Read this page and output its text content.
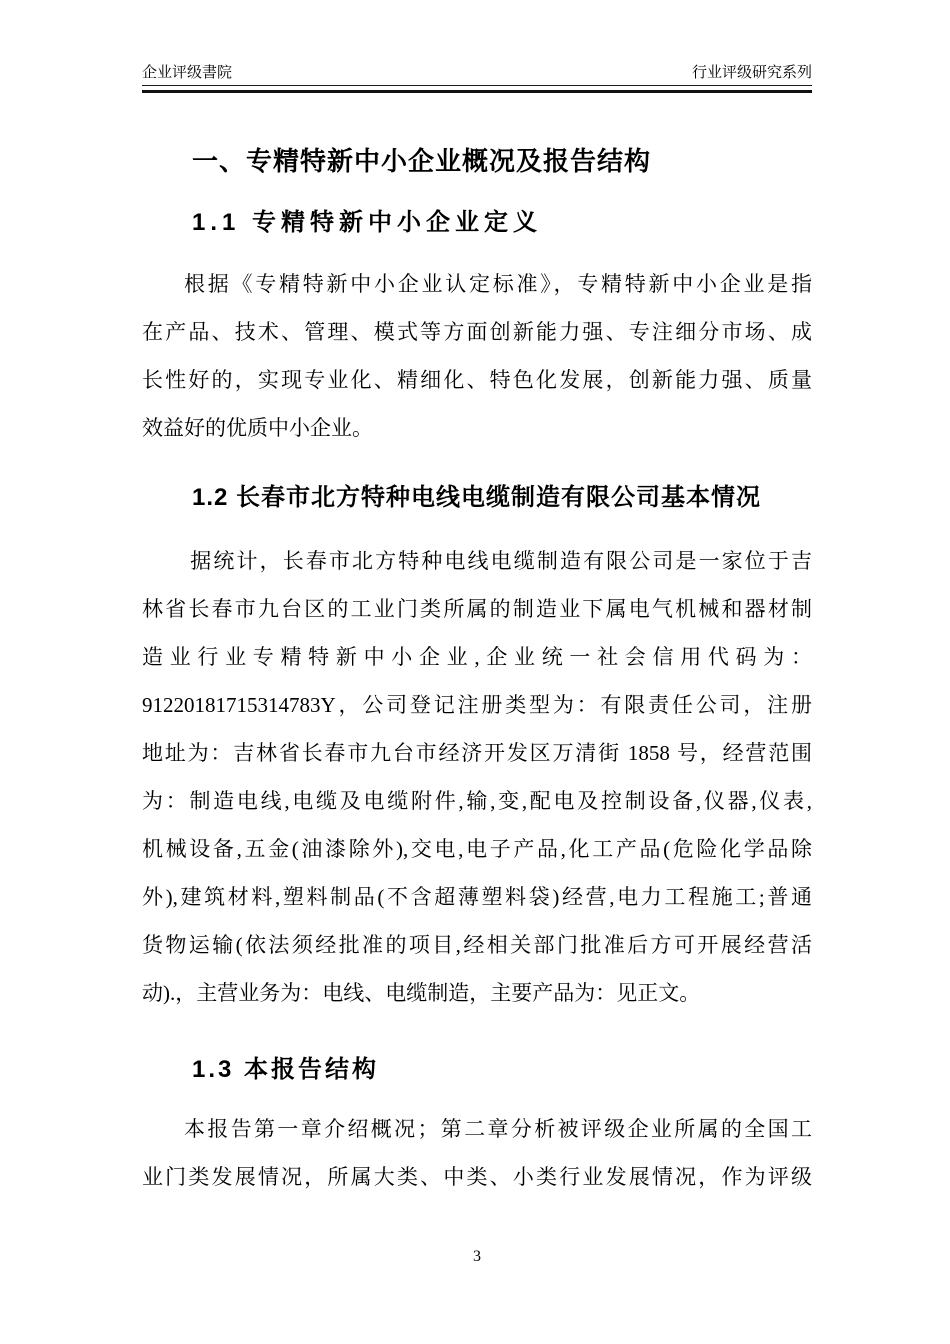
企业评级書院	行业评级研究系列
一、专精特新中小企业概况及报告结构
1.1 专精特新中小企业定义
根据《专精特新中小企业认定标准》，专精特新中小企业是指
在产品、技术、管理、模式等方面创新能力强、专注细分市场、成
长性好的，实现专业化、精细化、特色化发展，创新能力强、质量
效益好的优质中小企业。
1.2 长春市北方特种电线电缆制造有限公司基本情况
据统计，长春市北方特种电线电缆制造有限公司是一家位于吉
林省长春市九台区的工业门类所属的制造业下属电气机械和器材制
造业行业专精特新中小企业,企业统一社会信用代码为：
91220181715314783Y，公司登记注册类型为：有限责任公司，注册
地址为：吉林省长春市九台市经济开发区万清街 1858 号，经营范围
为：制造电线,电缆及电缆附件,输,变,配电及控制设备,仪器,仪表,
机械设备,五金(油漆除外),交电,电子产品,化工产品(危险化学品除
外),建筑材料,塑料制品(不含超薄塑料袋)经营,电力工程施工;普通
货物运输(依法须经批准的项目,经相关部门批准后方可开展经营活
动).，主营业务为：电线、电缆制造，主要产品为：见正文。
1.3 本报告结构
本报告第一章介绍概况；第二章分析被评级企业所属的全国工
业门类发展情况，所属大类、中类、小类行业发展情况，作为评级
3
